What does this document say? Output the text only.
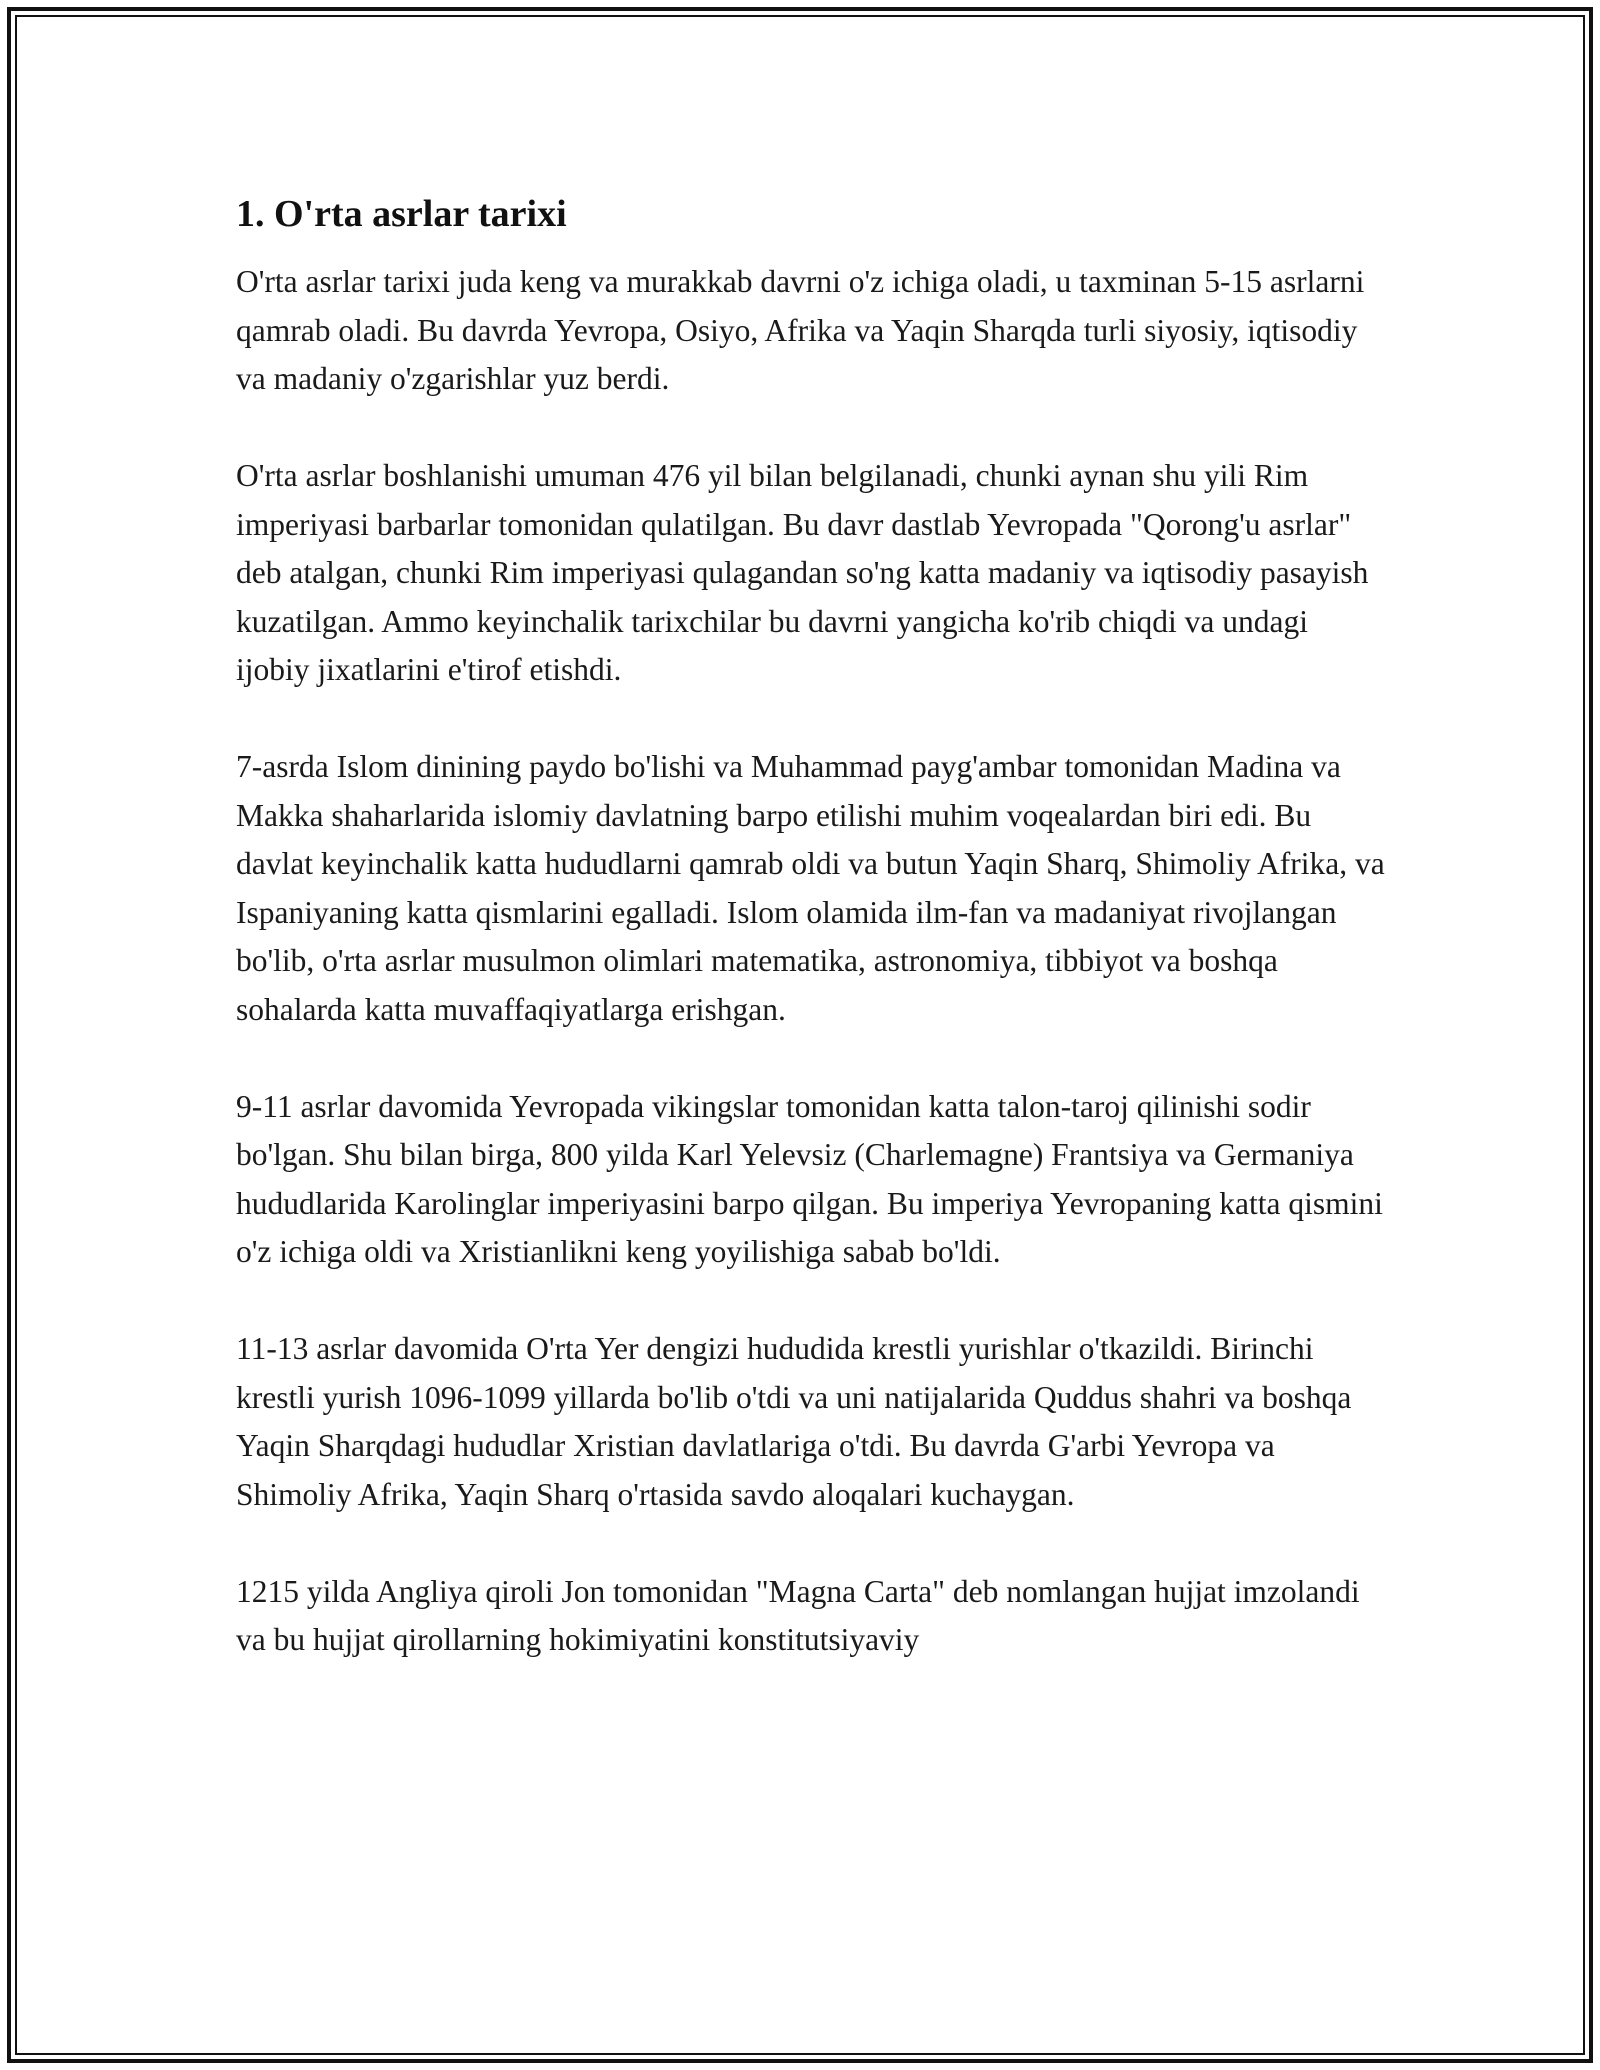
1. O'rta asrlar tarixi

O'rta asrlar tarixi juda keng va murakkab davrni o'z ichiga oladi, u taxminan 5-15 asrlarni qamrab oladi. Bu davrda Yevropa, Osiyo, Afrika va Yaqin Sharqda turli siyosiy, iqtisodiy va madaniy o'zgarishlar yuz berdi.

O'rta asrlar boshlanishi umuman 476 yil bilan belgilanadi, chunki aynan shu yili Rim imperiyasi barbarlar tomonidan qulatilgan. Bu davr dastlab Yevropada "Qorong'u asrlar" deb atalgan, chunki Rim imperiyasi qulagandan so'ng katta madaniy va iqtisodiy pasayish kuzatilgan. Ammo keyinchalik tarixchilar bu davrni yangicha ko'rib chiqdi va undagi ijobiy jixatlarini e'tirof etishdi.

7-asrda Islom dinining paydo bo'lishi va Muhammad payg'ambar tomonidan Madina va Makka shaharlarida islomiy davlatning barpo etilishi muhim voqealardan biri edi. Bu davlat keyinchalik katta hududlarni qamrab oldi va butun Yaqin Sharq, Shimoliy Afrika, va Ispaniyaning katta qismlarini egalladi. Islom olamida ilm-fan va madaniyat rivojlangan bo'lib, o'rta asrlar musulmon olimlari matematika, astronomiya, tibbiyot va boshqa sohalarda katta muvaffaqiyatlarga erishgan.

9-11 asrlar davomida Yevropada vikingslar tomonidan katta talon-taroj qilinishi sodir bo'lgan. Shu bilan birga, 800 yilda Karl Yelevsiz (Charlemagne) Frantsiya va Germaniya hududlarida Karolinglar imperiyasini barpo qilgan. Bu imperiya Yevropaning katta qismini o'z ichiga oldi va Xristianlikni keng yoyilishiga sabab bo'ldi.

11-13 asrlar davomida O'rta Yer dengizi hududida krestli yurishlar o'tkazildi. Birinchi krestli yurish 1096-1099 yillarda bo'lib o'tdi va uni natijalarida Quddus shahri va boshqa Yaqin Sharqdagi hududlar Xristian davlatlariga o'tdi. Bu davrda G'arbi Yevropa va Shimoliy Afrika, Yaqin Sharq o'rtasida savdo aloqalari kuchaygan.

1215 yilda Angliya qiroli Jon tomonidan "Magna Carta" deb nomlangan hujjat imzolandi va bu hujjat qirollarning hokimiyatini konstitutsiyaviy
